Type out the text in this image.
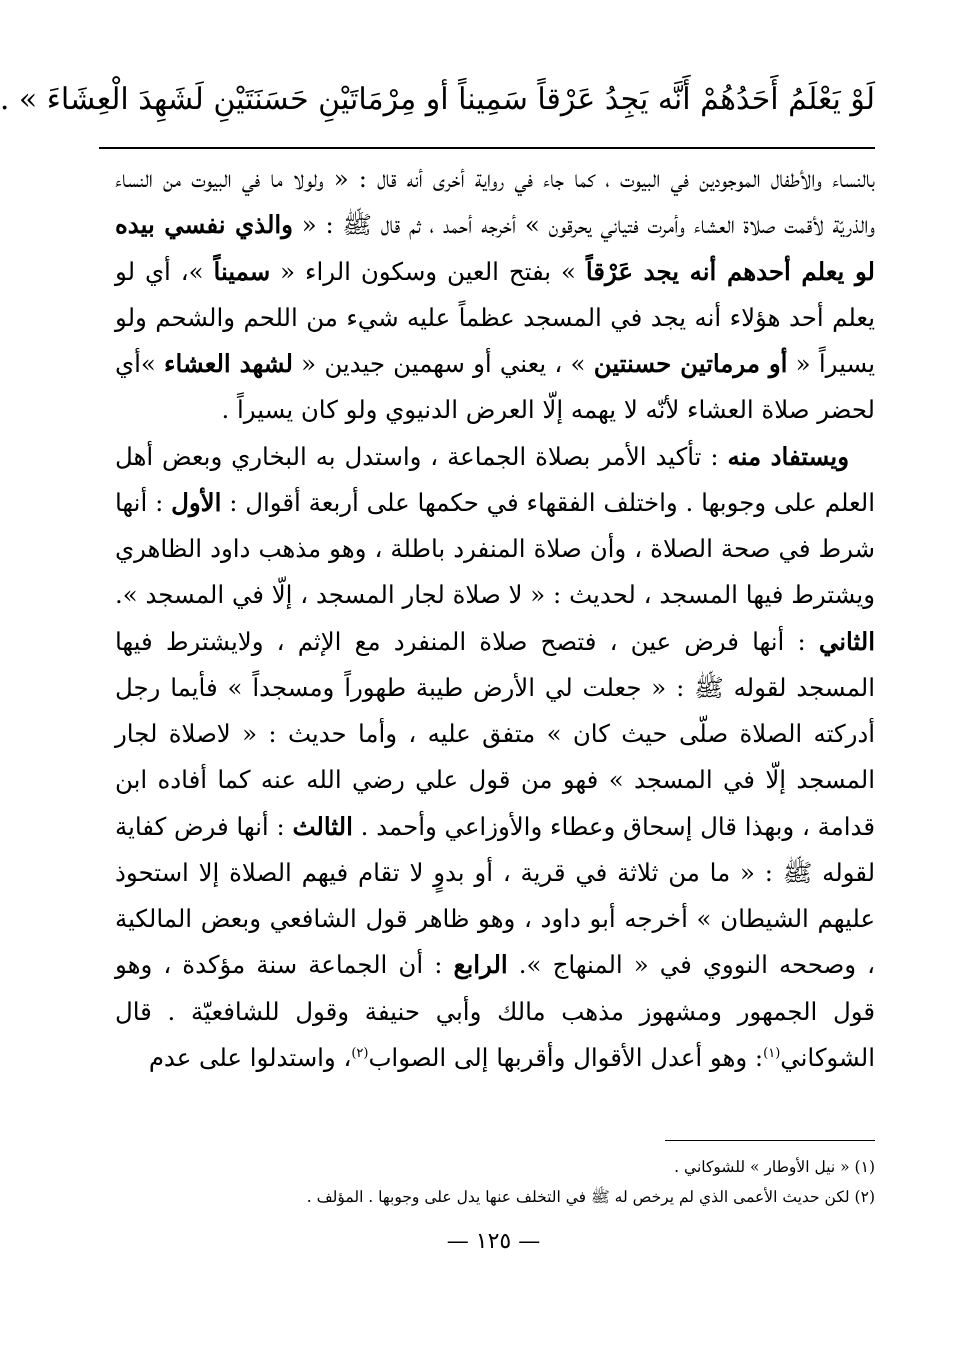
لَوْ يَعْلَمُ أَحَدُهُمْ أَنَّه يَجِدُ عَرْقاً سَمِيناً أو مِرْمَاتَيْنِ حَسَنَتَيْنِ لَشَهِدَ الْعِشَاءَ » .

بالنساء والأطفال الموجودين في البيوت ، كما جاء في رواية أخرى أنه قال : « ولولا ما في البيوت من النساء والذريّة لأقمت صلاة العشاء وأمرت فتياني يحرقون » أخرجه أحمد ، ثم قال ﷺ : « والذي نفسي بيده لو يعلم أحدهم أنه يجد عَرْقاً » بفتح العين وسكون الراء « سميناً »، أي لو يعلم أحد هؤلاء أنه يجد في المسجد عظماً عليه شيء من اللحم والشحم ولو يسيراً « أو مرماتين حسنتين » ، يعني أو سهمين جيدين « لشهد العشاء »أي لحضر صلاة العشاء لأنّه لا يهمه إلّا العرض الدنيوي ولو كان يسيراً .

ويستفاد منه : تأكيد الأمر بصلاة الجماعة ، واستدل به البخاري وبعض أهل العلم على وجوبها . واختلف الفقهاء في حكمها على أربعة أقوال : الأول : أنها شرط في صحة الصلاة ، وأن صلاة المنفرد باطلة ، وهو مذهب داود الظاهري ويشترط فيها المسجد ، لحديث : « لا صلاة لجار المسجد ، إلّا في المسجد ». الثاني : أنها فرض عين ، فتصح صلاة المنفرد مع الإثم ، ولايشترط فيها المسجد لقوله ﷺ : « جعلت لي الأرض طيبة طهوراً ومسجداً » فأيما رجل أدركته الصلاة صلّى حيث كان » متفق عليه ، وأما حديث : « لاصلاة لجار المسجد إلّا في المسجد » فهو من قول علي رضي الله عنه كما أفاده ابن قدامة ، وبهذا قال إسحاق وعطاء والأوزاعي وأحمد . الثالث : أنها فرض كفاية لقوله ﷺ : « ما من ثلاثة في قرية ، أو بدوٍ لا تقام فيهم الصلاة إلا استحوذ عليهم الشيطان » أخرجه أبو داود ، وهو ظاهر قول الشافعي وبعض المالكية ، وصححه النووي في « المنهاج ». الرابع : أن الجماعة سنة مؤكدة ، وهو قول الجمهور ومشهوز مذهب مالك وأبي حنيفة وقول للشافعيّة . قال الشوكاني$^{(١)}$: وهو أعدل الأقوال وأقربها إلى الصواب$^{(٢)}$، واستدلوا على عدم

(١) « نيل الأوطار » للشوكاني .
(٢) لكن حديث الأعمى الذي لم يرخص له ﷺ في التخلف عنها يدل على وجوبها . المؤلف .
— ١٢٥ —
